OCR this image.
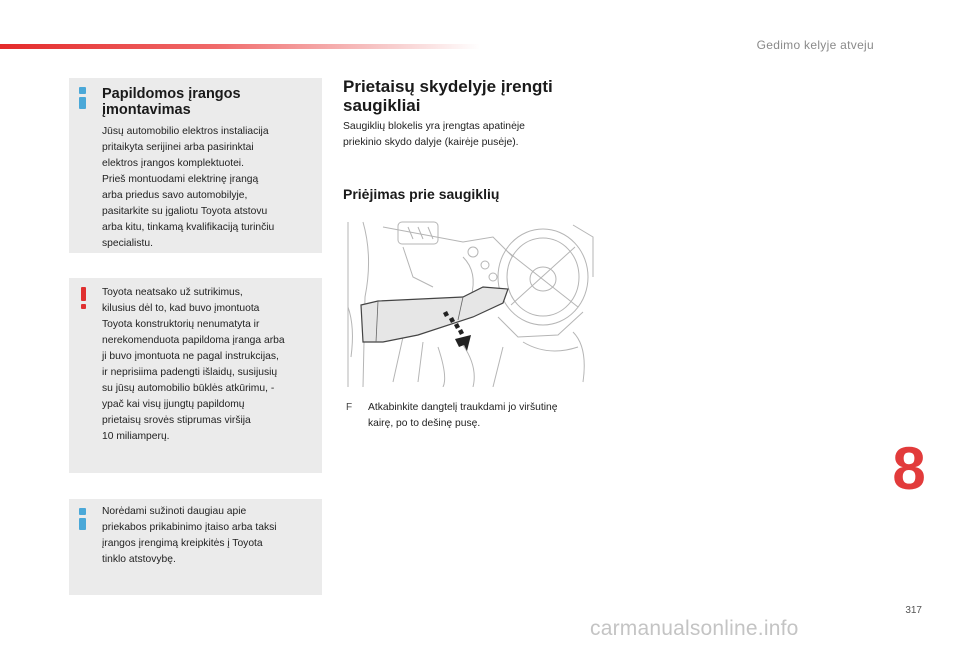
Gedimo kelyje atveju
Papildomos įrangos įmontavimas

Jūsų automobilio elektros instaliacija
pritaikyta serijinei arba pasirinktai
elektros įrangos komplektuotei.
Prieš montuodami elektrinę įrangą
arba priedus savo automobilyje,
pasitarkite su įgaliotu Toyota atstovu
arba kitu, tinkamą kvalifikaciją turinčiu
specialistu.

Toyota neatsako už sutrikimus,
kilusius dėl to, kad buvo įmontuota
Toyota konstruktorių nenumatyta ir
nerekomenduota papildoma įranga arba
ji buvo įmontuota ne pagal instrukcijas,
ir neprisiima padengti išlaidų, susijusių
su jūsų automobilio būklės atkūrimu, -
ypač kai visų įjungtų papildomų
prietaisų srovės stiprumas viršija
10 miliamperų.

Norėdami sužinoti daugiau apie
priekabos prikabinimo įtaiso arba taksi
įrangos įrengimą kreipkitės į Toyota
tinklo atstovybę.

Prietaisų skydelyje įrengti saugikliai
Saugiklių blokelis yra įrengtas apatinėje
priekinio skydo dalyje (kairėje pusėje).
Priėjimas prie saugiklių
F Atkabinkite dangtelį traukdami jo viršutinę
kairę, po to dešinę pusę.
8
317
carmanualsonline.info
